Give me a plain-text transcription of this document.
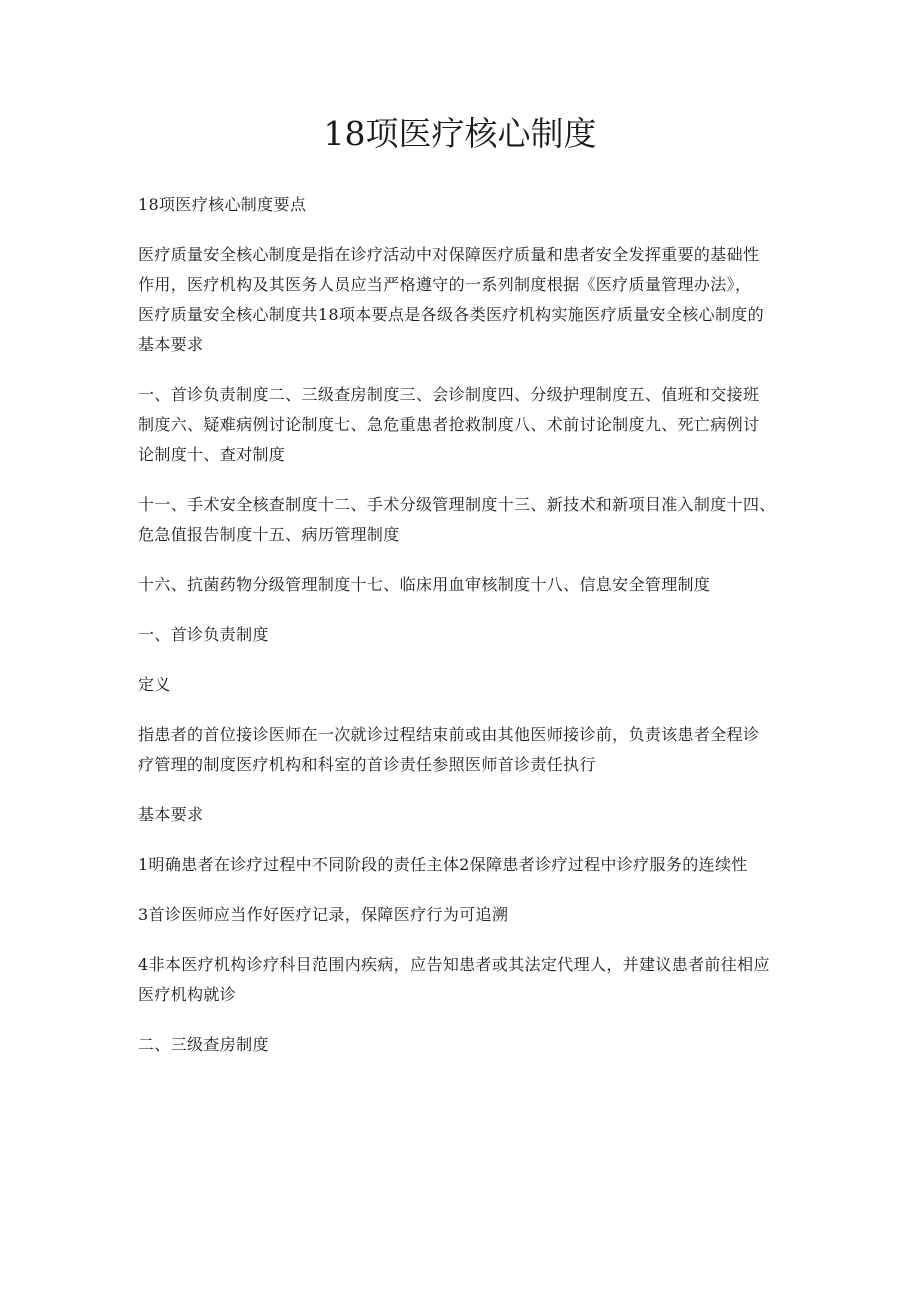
18项医疗核心制度

18项医疗核心制度要点

医疗质量安全核心制度是指在诊疗活动中对保障医疗质量和患者安全发挥重要的基础性
作用，医疗机构及其医务人员应当严格遵守的一系列制度根据《医疗质量管理办法》，
医疗质量安全核心制度共18项本要点是各级各类医疗机构实施医疗质量安全核心制度的
基本要求

一、首诊负责制度二、三级查房制度三、会诊制度四、分级护理制度五、值班和交接班
制度六、疑难病例讨论制度七、急危重患者抢救制度八、术前讨论制度九、死亡病例讨
论制度十、查对制度

十一、手术安全核查制度十二、手术分级管理制度十三、新技术和新项目准入制度十四、
危急值报告制度十五、病历管理制度

十六、抗菌药物分级管理制度十七、临床用血审核制度十八、信息安全管理制度

一、首诊负责制度

定义

指患者的首位接诊医师在一次就诊过程结束前或由其他医师接诊前，负责该患者全程诊
疗管理的制度医疗机构和科室的首诊责任参照医师首诊责任执行

基本要求

1明确患者在诊疗过程中不同阶段的责任主体2保障患者诊疗过程中诊疗服务的连续性

3首诊医师应当作好医疗记录，保障医疗行为可追溯

4非本医疗机构诊疗科目范围内疾病，应告知患者或其法定代理人，并建议患者前往相应
医疗机构就诊

二、三级查房制度
